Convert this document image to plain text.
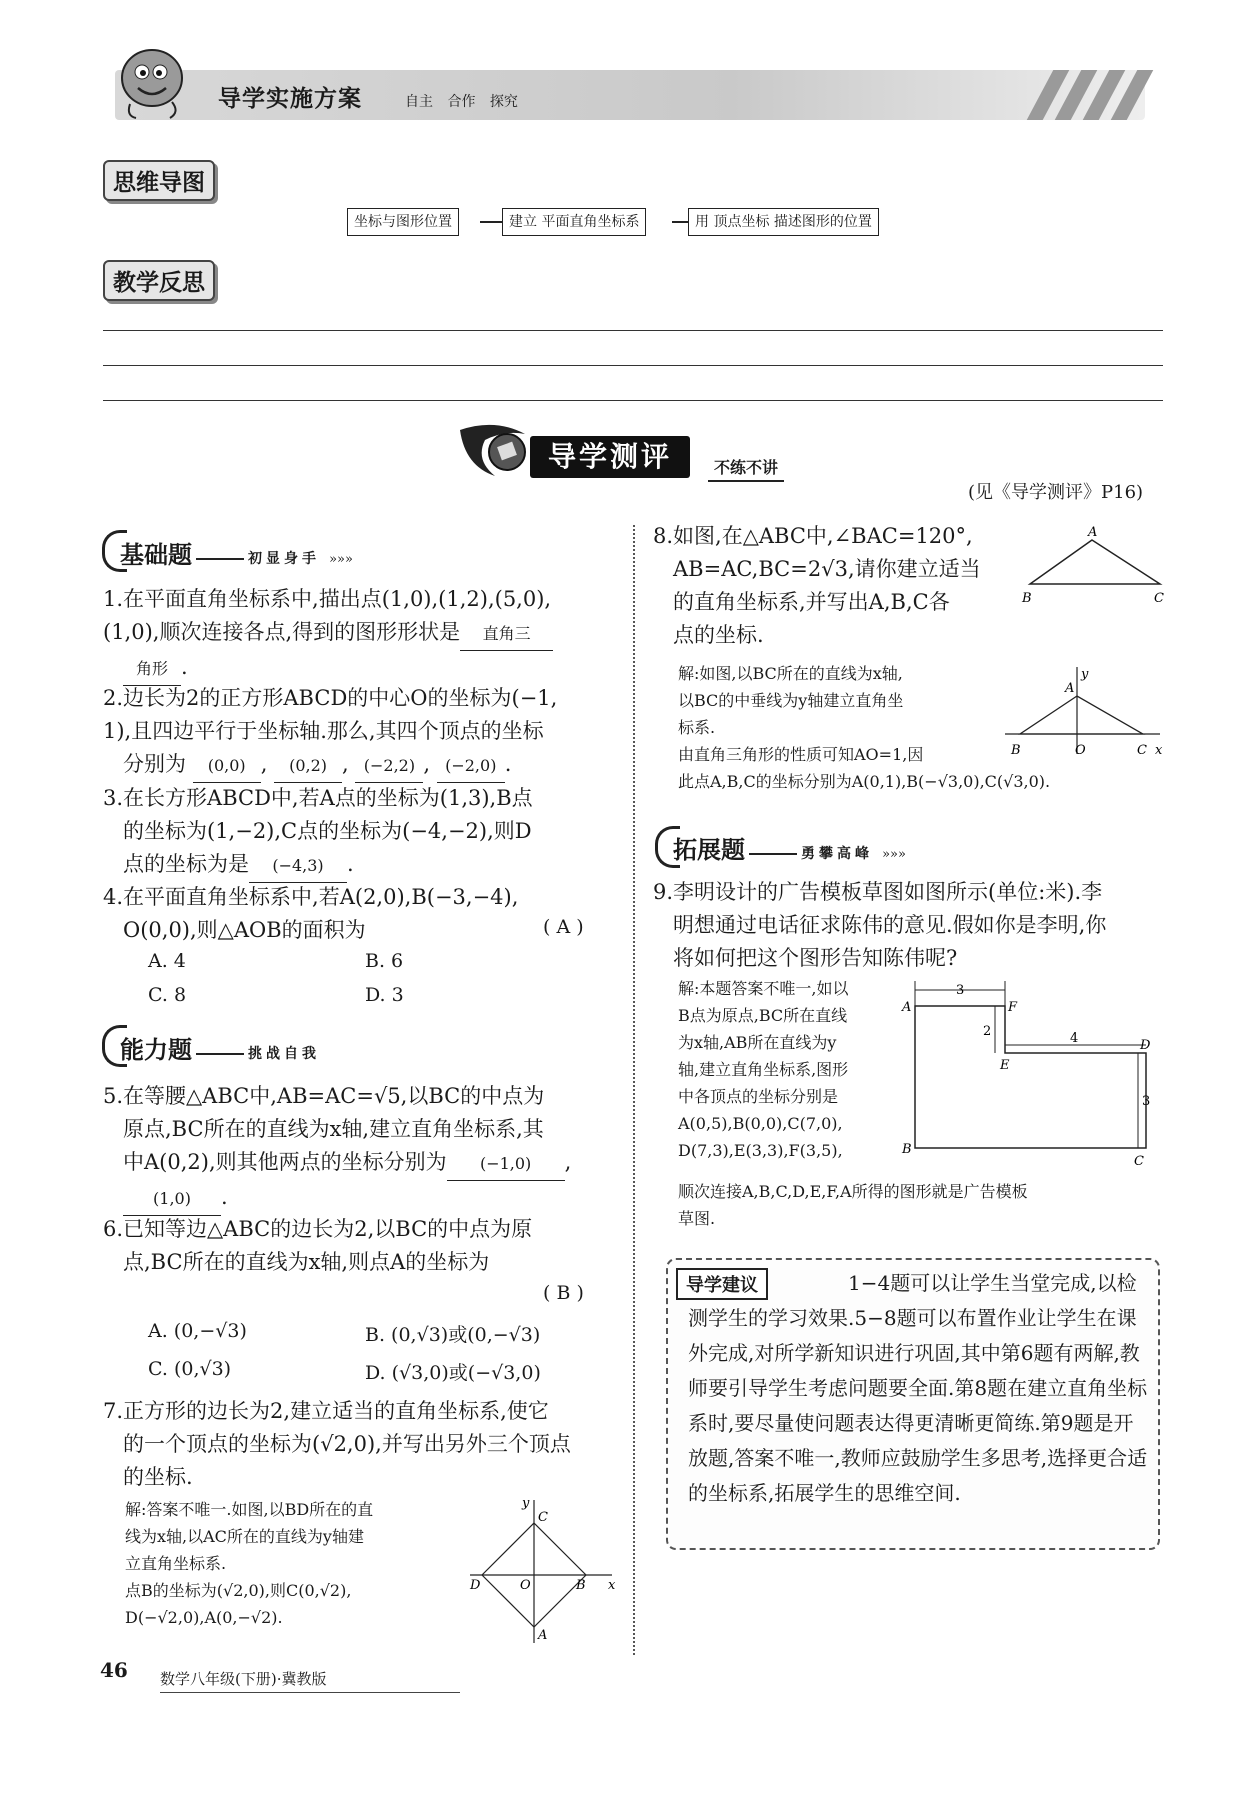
导学实施方案	自主 合作 探究
思维导图
坐标与图形位置	建立 平面直角坐标系	用 顶点坐标 描述图形的位置
教学反思
导学测评	不练不讲
(见《导学测评》P16)
基础题	初显身手 »»»
1.在平面直角坐标系中,描出点(1,0),(1,2),(5,0),
(1,0),顺次连接各点,得到的图形形状是 直角三
角形 .
2.边长为2的正方形ABCD的中心O的坐标为(−1,
1),且四边平行于坐标轴.那么,其四个顶点的坐标
分别为 (0,0) , (0,2) , (−2,2) , (−2,0) .
3.在长方形ABCD中,若A点的坐标为(1,3),B点
的坐标为(1,−2),C点的坐标为(−4,−2),则D
点的坐标为是 (−4,3) .
4.在平面直角坐标系中,若A(2,0),B(−3,−4),
O(0,0),则△AOB的面积为	( A )
A. 4	B. 6
C. 8	D. 3
能力题	挑战自我
5.在等腰△ABC中,AB=AC=√5,以BC的中点为
原点,BC所在的直线为x轴,建立直角坐标系,其
中A(0,2),则其他两点的坐标分别为 (−1,0) ,
(1,0) .
6.已知等边△ABC的边长为2,以BC的中点为原
点,BC所在的直线为x轴,则点A的坐标为
( B )
A. (0,−√3)	B. (0,√3)或(0,−√3)
C. (0,√3)	D. (√3,0)或(−√3,0)
7.正方形的边长为2,建立适当的直角坐标系,使它
的一个顶点的坐标为(√2,0),并写出另外三个顶点
的坐标.
解:答案不唯一.如图,以BD所在的直
线为x轴,以AC所在的直线为y轴建
立直角坐标系.
点B的坐标为(√2,0),则C(0,√2),
D(−√2,0),A(0,−√2).
y
x
C
D	O	B
A
8.如图,在△ABC中,∠BAC=120°,
AB=AC,BC=2√3,请你建立适当
的直角坐标系,并写出A,B,C各
点的坐标.
A
B	C
解:如图,以BC所在的直线为x轴,
以BC的中垂线为y轴建立直角坐
标系.
由直角三角形的性质可知AO=1,因
此点A,B,C的坐标分别为A(0,1),B(−√3,0),C(√3,0).
A
y
B	O	C x
拓展题	勇攀高峰 »»»
9.李明设计的广告模板草图如图所示(单位:米).李
明想通过电话征求陈伟的意见.假如你是李明,你
将如何把这个图形告知陈伟呢?
解:本题答案不唯一,如以
B点为原点,BC所在直线
为x轴,AB所在直线为y
轴,建立直角坐标系,图形
中各顶点的坐标分别是
A(0,5),B(0,0),C(7,0),
D(7,3),E(3,3),F(3,5),
顺次连接A,B,C,D,E,F,A所得的图形就是广告模板
草图.
3
2	4
3
A
B
C
D
E
F
1−4题可以让学生当堂完成,以检测学生的学习效果.5−8题可以布置作业让学生在课外完成,对所学新知识进行巩固,其中第6题有两解,教师要引导学生考虑问题要全面.第8题在建立直角坐标系时,要尽量使问题表达得更清晰更简练.第9题是开放题,答案不唯一,教师应鼓励学生多思考,选择更合适的坐标系,拓展学生的思维空间.
导学建议
46 数学八年级(下册)·冀教版
